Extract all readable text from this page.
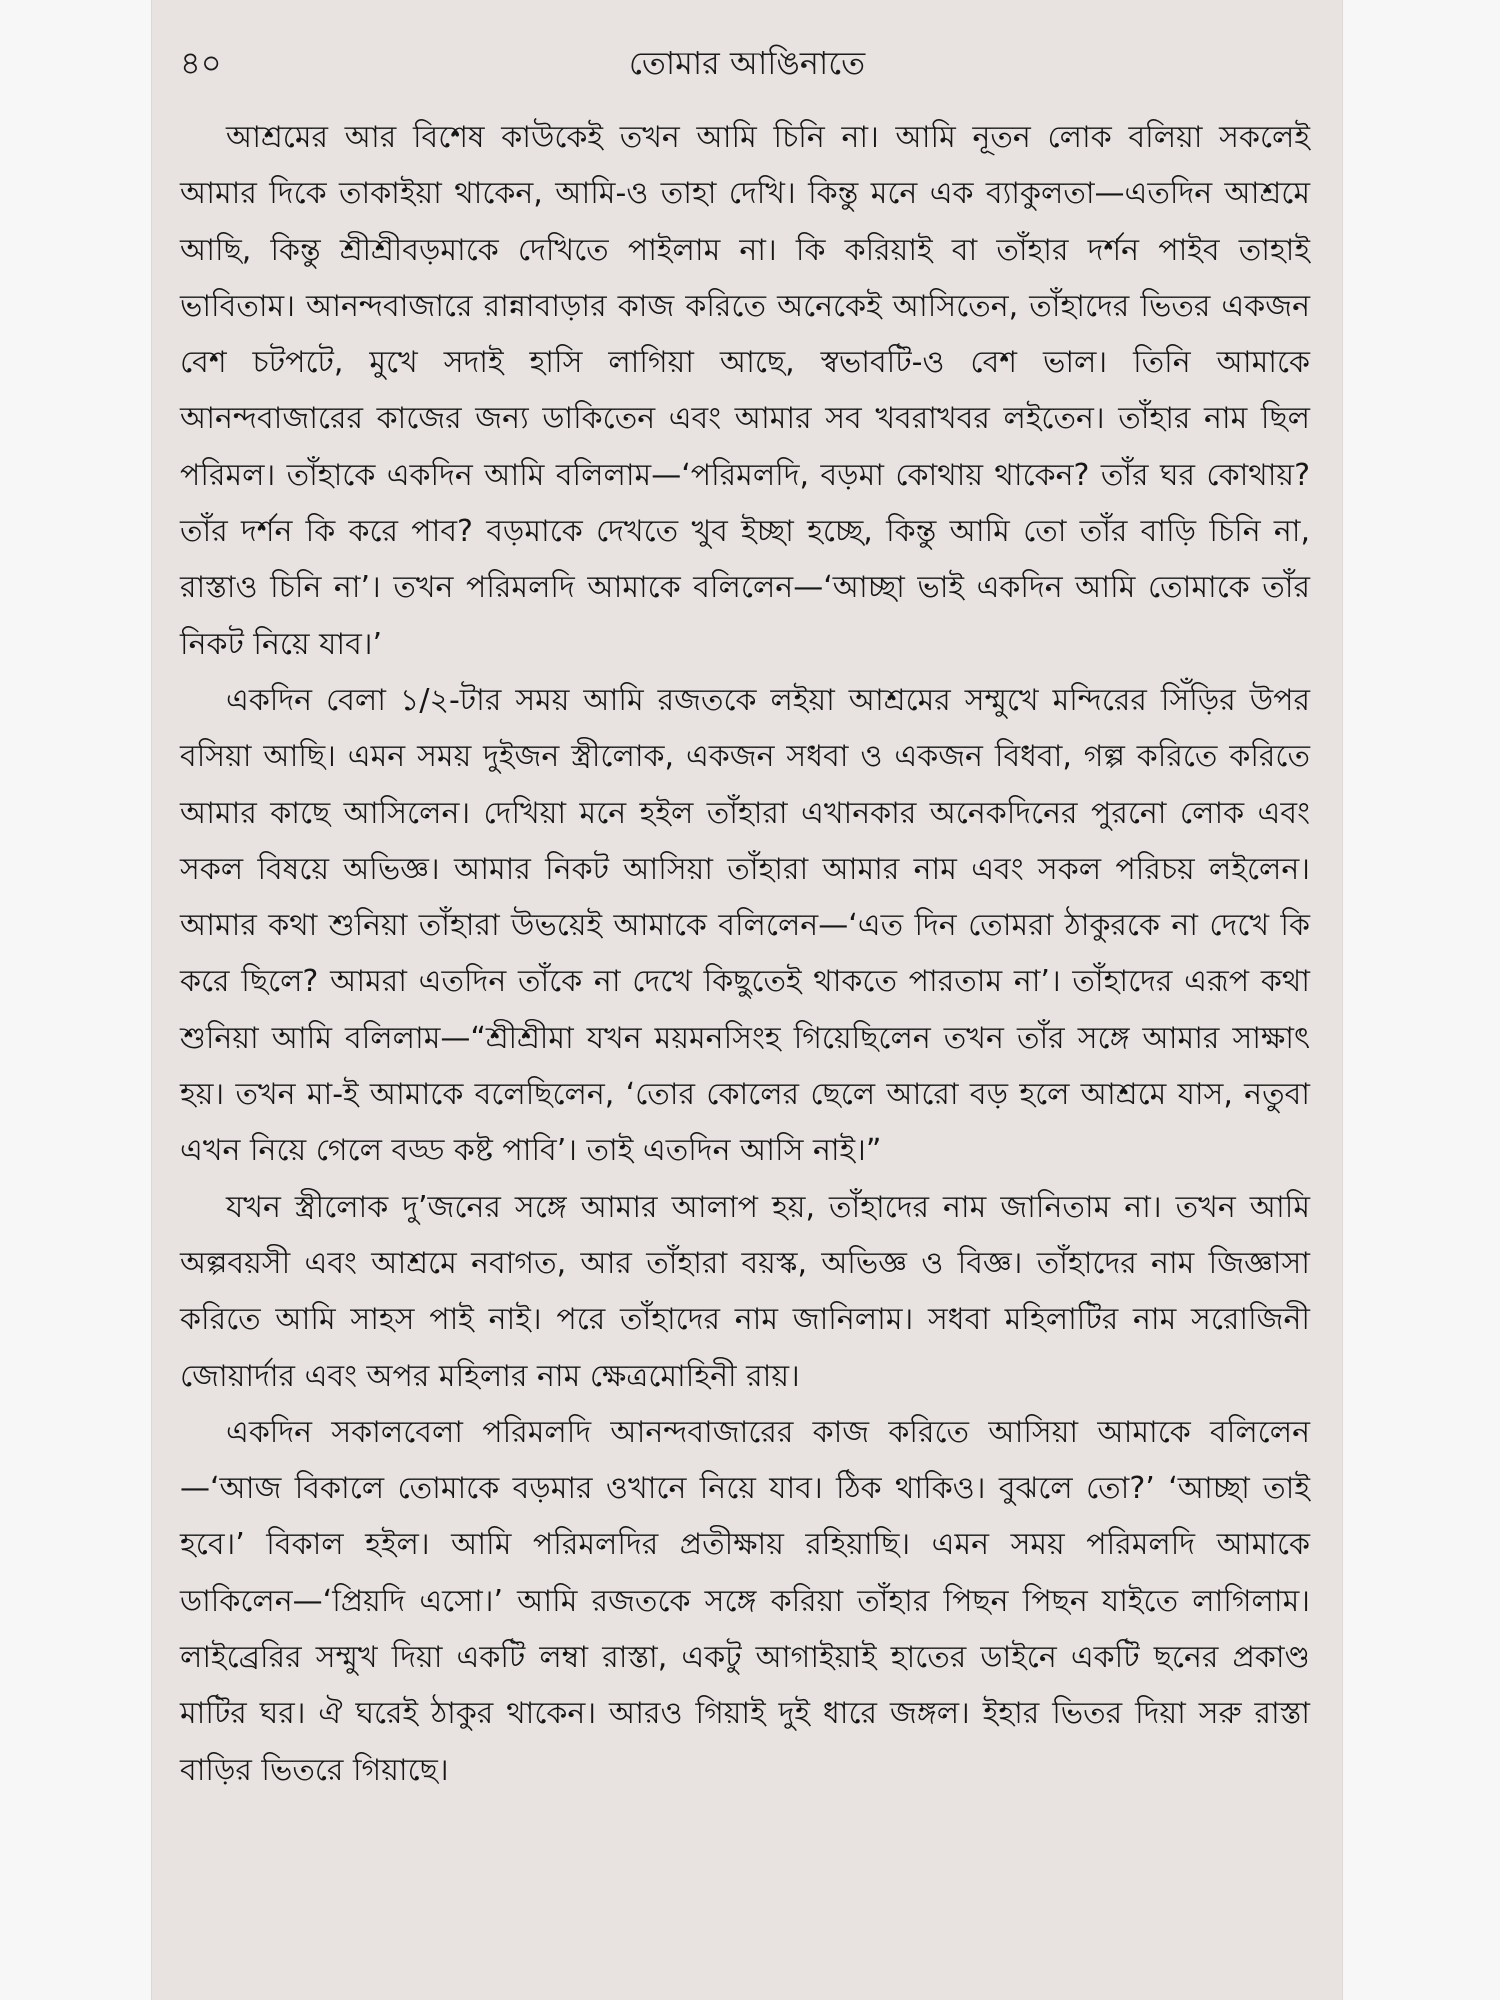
৪০	তোমার আঙিনাতে

আশ্রমের আর বিশেষ কাউকেই তখন আমি চিনি না। আমি নূতন লোক বলিয়া সকলেই আমার দিকে তাকাইয়া থাকেন, আমি-ও তাহা দেখি। কিন্তু মনে এক ব্যাকুলতা—এতদিন আশ্রমে আছি, কিন্তু শ্রীশ্রীবড়মাকে দেখিতে পাইলাম না। কি করিয়াই বা তাঁহার দর্শন পাইব তাহাই ভাবিতাম। আনন্দবাজারে রান্নাবাড়ার কাজ করিতে অনেকেই আসিতেন, তাঁহাদের ভিতর একজন বেশ চটপটে, মুখে সদাই হাসি লাগিয়া আছে, স্বভাবটি-ও বেশ ভাল। তিনি আমাকে আনন্দবাজারের কাজের জন্য ডাকিতেন এবং আমার সব খবরাখবর লইতেন। তাঁহার নাম ছিল পরিমল। তাঁহাকে একদিন আমি বলিলাম—‘পরিমলদি, বড়মা কোথায় থাকেন? তাঁর ঘর কোথায়? তাঁর দর্শন কি করে পাব? বড়মাকে দেখতে খুব ইচ্ছা হচ্ছে, কিন্তু আমি তো তাঁর বাড়ি চিনি না, রাস্তাও চিনি না’। তখন পরিমলদি আমাকে বলিলেন—‘আচ্ছা ভাই একদিন আমি তোমাকে তাঁর নিকট নিয়ে যাব।’

একদিন বেলা ১/২-টার সময় আমি রজতকে লইয়া আশ্রমের সম্মুখে মন্দিরের সিঁড়ির উপর বসিয়া আছি। এমন সময় দুইজন স্ত্রীলোক, একজন সধবা ও একজন বিধবা, গল্প করিতে করিতে আমার কাছে আসিলেন। দেখিয়া মনে হইল তাঁহারা এখানকার অনেকদিনের পুরনো লোক এবং সকল বিষয়ে অভিজ্ঞ। আমার নিকট আসিয়া তাঁহারা আমার নাম এবং সকল পরিচয় লইলেন। আমার কথা শুনিয়া তাঁহারা উভয়েই আমাকে বলিলেন—‘এত দিন তোমরা ঠাকুরকে না দেখে কি করে ছিলে? আমরা এতদিন তাঁকে না দেখে কিছুতেই থাকতে পারতাম না’। তাঁহাদের এরূপ কথা শুনিয়া আমি বলিলাম—“শ্রীশ্রীমা যখন ময়মনসিংহ গিয়েছিলেন তখন তাঁর সঙ্গে আমার সাক্ষাৎ হয়। তখন মা-ই আমাকে বলেছিলেন, ‘তোর কোলের ছেলে আরো বড় হলে আশ্রমে যাস, নতুবা এখন নিয়ে গেলে বড্ড কষ্ট পাবি’। তাই এতদিন আসি নাই।”

যখন স্ত্রীলোক দু’জনের সঙ্গে আমার আলাপ হয়, তাঁহাদের নাম জানিতাম না। তখন আমি অল্পবয়সী এবং আশ্রমে নবাগত, আর তাঁহারা বয়স্ক, অভিজ্ঞ ও বিজ্ঞ। তাঁহাদের নাম জিজ্ঞাসা করিতে আমি সাহস পাই নাই। পরে তাঁহাদের নাম জানিলাম। সধবা মহিলাটির নাম সরোজিনী জোয়ার্দার এবং অপর মহিলার নাম ক্ষেত্রমোহিনী রায়।

একদিন সকালবেলা পরিমলদি আনন্দবাজারের কাজ করিতে আসিয়া আমাকে বলিলেন—‘আজ বিকালে তোমাকে বড়মার ওখানে নিয়ে যাব। ঠিক থাকিও। বুঝলে তো?’ ‘আচ্ছা তাই হবে।’ বিকাল হইল। আমি পরিমলদির প্রতীক্ষায় রহিয়াছি। এমন সময় পরিমলদি আমাকে ডাকিলেন—‘প্রিয়দি এসো।’ আমি রজতকে সঙ্গে করিয়া তাঁহার পিছন পিছন যাইতে লাগিলাম। লাইব্রেরির সম্মুখ দিয়া একটি লম্বা রাস্তা, একটু আগাইয়াই হাতের ডাইনে একটি ছনের প্রকাণ্ড মাটির ঘর। ঐ ঘরেই ঠাকুর থাকেন। আরও গিয়াই দুই ধারে জঙ্গল। ইহার ভিতর দিয়া সরু রাস্তা বাড়ির ভিতরে গিয়াছে।
